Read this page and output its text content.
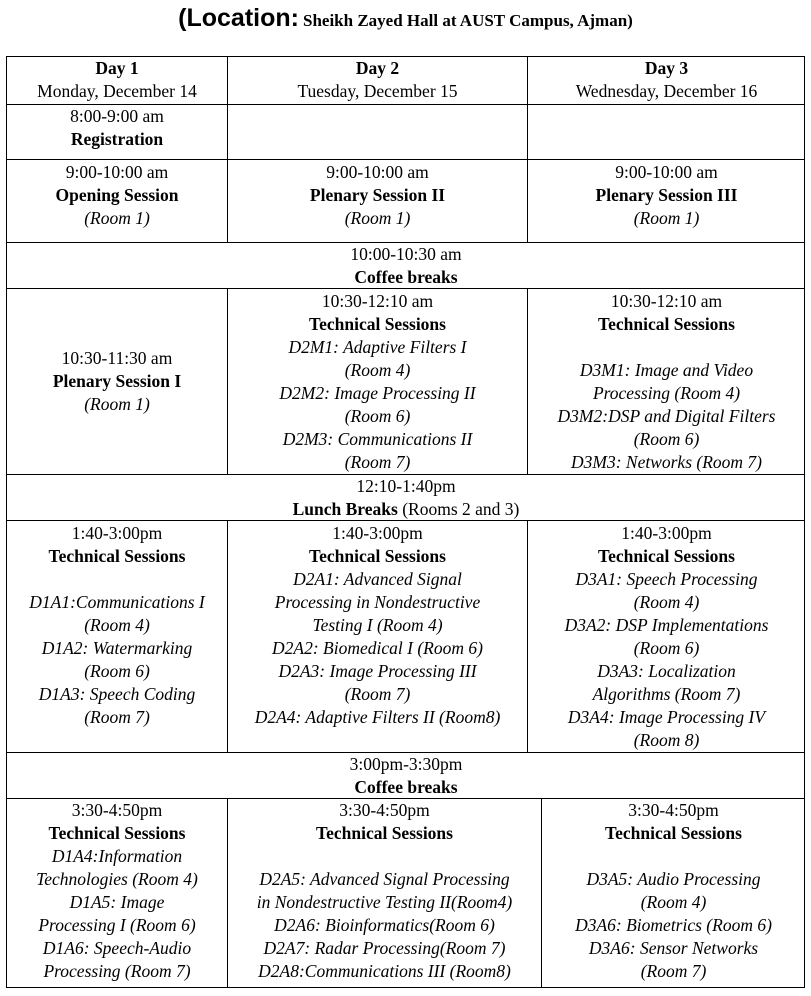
(Location: Sheikh Zayed Hall at AUST Campus, Ajman)
Day 1
Monday, December 14
Day 2
Tuesday, December 15
Day 3
Wednesday, December 16
8:00-9:00 am
Registration
9:00-10:00 am
Opening Session
(Room 1)
9:00-10:00 am
Plenary Session II
(Room 1)
9:00-10:00 am
Plenary Session III
(Room 1)
10:00-10:30 am
Coffee breaks
10:30-11:30 am
Plenary Session I
(Room 1)
10:30-12:10 am
Technical Sessions
D2M1: Adaptive Filters I
(Room 4)
D2M2: Image Processing II
(Room 6)
D2M3: Communications II
(Room 7)
10:30-12:10 am
Technical Sessions
D3M1: Image and Video
Processing (Room 4)
D3M2:DSP and Digital Filters
(Room 6)
D3M3: Networks (Room 7)
12:10-1:40pm
Lunch Breaks (Rooms 2 and 3)
1:40-3:00pm
Technical Sessions
D1A1:Communications I
(Room 4)
D1A2: Watermarking
(Room 6)
D1A3: Speech Coding
(Room 7)
1:40-3:00pm
Technical Sessions
D2A1: Advanced Signal
Processing in Nondestructive
Testing I (Room 4)
D2A2: Biomedical I (Room 6)
D2A3: Image Processing III
(Room 7)
D2A4: Adaptive Filters II (Room8)
1:40-3:00pm
Technical Sessions
D3A1: Speech Processing
(Room 4)
D3A2: DSP Implementations
(Room 6)
D3A3: Localization
Algorithms (Room 7)
D3A4: Image Processing IV
(Room 8)
3:00pm-3:30pm
Coffee breaks
3:30-4:50pm
Technical Sessions
D1A4:Information
Technologies (Room 4)
D1A5: Image
Processing I (Room 6)
D1A6: Speech-Audio
Processing (Room 7)
3:30-4:50pm
Technical Sessions
D2A5: Advanced Signal Processing
in Nondestructive Testing II(Room4)
D2A6: Bioinformatics(Room 6)
D2A7: Radar Processing(Room 7)
D2A8:Communications III (Room8)
3:30-4:50pm
Technical Sessions
D3A5: Audio Processing
(Room 4)
D3A6: Biometrics (Room 6)
D3A6: Sensor Networks
(Room 7)
